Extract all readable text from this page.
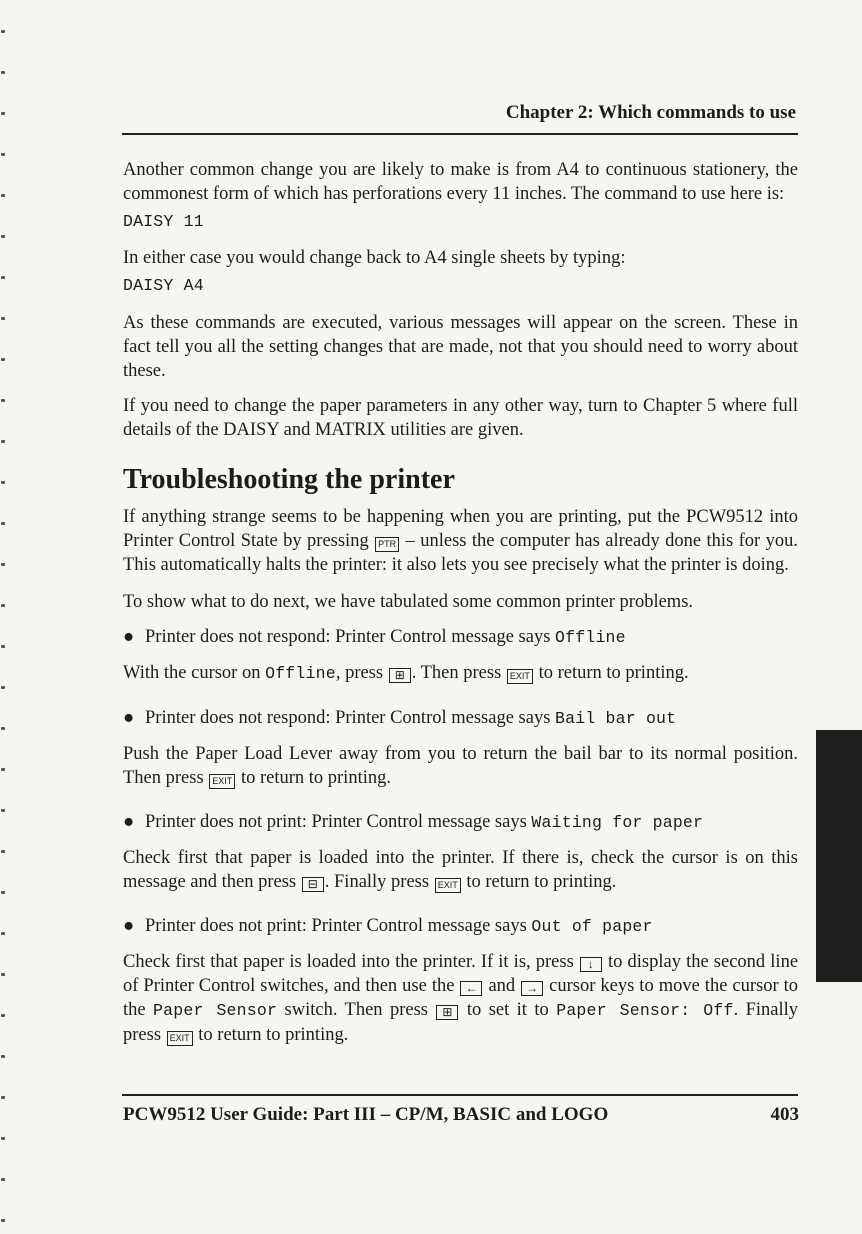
Chapter 2: Which commands to use

Another common change you are likely to make is from A4 to continuous stationery, the commonest form of which has perforations every 11 inches. The command to use here is:

DAISY 11

In either case you would change back to A4 single sheets by typing:

DAISY A4

As these commands are executed, various messages will appear on the screen. These in fact tell you all the setting changes that are made, not that you should need to worry about these.

If you need to change the paper parameters in any other way, turn to Chapter 5 where full details of the DAISY and MATRIX utilities are given.

Troubleshooting the printer

If anything strange seems to be happening when you are printing, put the PCW9512 into Printer Control State by pressing PTR – unless the computer has already done this for you. This automatically halts the printer: it also lets you see precisely what the printer is doing.

To show what to do next, we have tabulated some common printer problems.

● Printer does not respond: Printer Control message says Offline

With the cursor on Offline, press ⊞ . Then press EXIT to return to printing.

● Printer does not respond: Printer Control message says Bail bar out

Push the Paper Load Lever away from you to return the bail bar to its normal position. Then press EXIT to return to printing.

● Printer does not print: Printer Control message says Waiting for paper

Check first that paper is loaded into the printer. If there is, check the cursor is on this message and then press ⊟ . Finally press EXIT to return to printing.

● Printer does not print: Printer Control message says Out of paper

Check first that paper is loaded into the printer. If it is, press ↓ to display the second line of Printer Control switches, and then use the ← and → cursor keys to move the cursor to the Paper Sensor switch. Then press ⊞ to set it to Paper Sensor: Off. Finally press EXIT to return to printing.

PCW9512 User Guide: Part III – CP/M, BASIC and LOGO	403
